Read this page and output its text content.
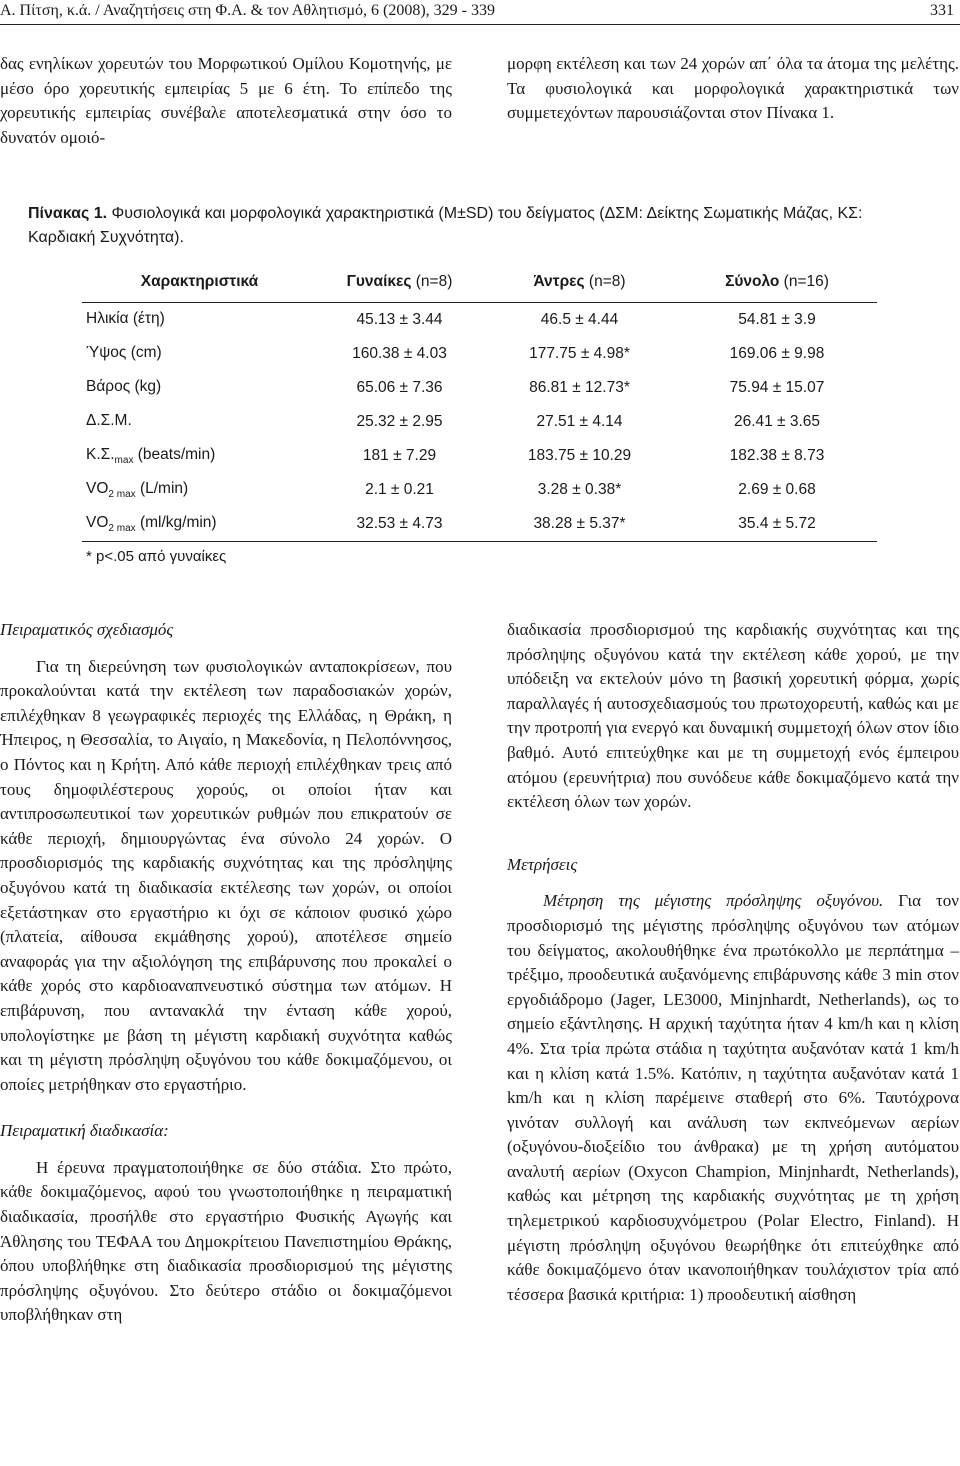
Α. Πίτση, κ.ά. / Αναζητήσεις στη Φ.Α. & τον Αθλητισμό, 6 (2008), 329 - 339	331

δας ενηλίκων χορευτών του Μορφωτικού Ομίλου Κομοτηνής, με μέσο όρο χορευτικής εμπειρίας 5 με 6 έτη. Το επίπεδο της χορευτικής εμπειρίας συνέβαλε αποτελεσματικά στην όσο το δυνατόν ομοιό-

μορφη εκτέλεση και των 24 χορών απ΄ όλα τα άτομα της μελέτης. Τα φυσιολογικά και μορφολογικά χαρακτηριστικά των συμμετεχόντων παρουσιάζονται στον Πίνακα 1.

Πίνακας 1. Φυσιολογικά και μορφολογικά χαρακτηριστικά (M±SD) του δείγματος (ΔΣΜ: Δείκτης Σωματικής Μάζας, ΚΣ: Καρδιακή Συχνότητα).
Χαρακτηριστικά	Γυναίκες (n=8)	Άντρες (n=8)	Σύνολο (n=16)
Ηλικία (έτη)	45.13 ± 3.44	46.5 ± 4.44	54.81 ± 3.9
Ύψος (cm)	160.38 ± 4.03	177.75 ± 4.98*	169.06 ± 9.98
Βάρος (kg)	65.06 ± 7.36	86.81 ± 12.73*	75.94 ± 15.07
Δ.Σ.Μ.	25.32 ± 2.95	27.51 ± 4.14	26.41 ± 3.65
$K.\Sigma._{max}$ (beats/min)	181 ± 7.29	183.75 ± 10.29	182.38 ± 8.73
$VO_{2 max}$ (L/min)	2.1 ± 0.21	3.28 ± 0.38*	2.69 ± 0.68
$VO_{2 max}$ (ml/kg/min)	32.53 ± 4.73	38.28 ± 5.37*	35.4 ± 5.72
* p<.05 από γυναίκες

Πειραματικός σχεδιασμός

Για τη διερεύνηση των φυσιολογικών ανταποκρίσεων, που προκαλούνται κατά την εκτέλεση των παραδοσιακών χορών, επιλέχθηκαν 8 γεωγραφικές περιοχές της Ελλάδας, η Θράκη, η Ήπειρος, η Θεσσαλία, το Αιγαίο, η Μακεδονία, η Πελοπόννησος, ο Πόντος και η Κρήτη. Από κάθε περιοχή επιλέχθηκαν τρεις από τους δημοφιλέστερους χορούς, οι οποίοι ήταν και αντιπροσωπευτικοί των χορευτικών ρυθμών που επικρατούν σε κάθε περιοχή, δημιουργώντας ένα σύνολο 24 χορών. Ο προσδιορισμός της καρδιακής συχνότητας και της πρόσληψης οξυγόνου κατά τη διαδικασία εκτέλεσης των χορών, οι οποίοι εξετάστηκαν στο εργαστήριο κι όχι σε κάποιον φυσικό χώρο (πλατεία, αίθουσα εκμάθησης χορού), αποτέλεσε σημείο αναφοράς για την αξιολόγηση της επιβάρυνσης που προκαλεί ο κάθε χορός στο καρδιοαναπνευστικό σύστημα των ατόμων. Η επιβάρυνση, που αντανακλά την ένταση κάθε χορού, υπολογίστηκε με βάση τη μέγιστη καρδιακή συχνότητα καθώς και τη μέγιστη πρόσληψη οξυγόνου του κάθε δοκιμαζόμενου, οι οποίες μετρήθηκαν στο εργαστήριο.

Πειραματική διαδικασία:

Η έρευνα πραγματοποιήθηκε σε δύο στάδια. Στο πρώτο, κάθε δοκιμαζόμενος, αφού του γνωστοποιήθηκε η πειραματική διαδικασία, προσήλθε στο εργαστήριο Φυσικής Αγωγής και Άθλησης του ΤΕΦΑΑ του Δημοκρίτειου Πανεπιστημίου Θράκης, όπου υποβλήθηκε στη διαδικασία προσδιορισμού της μέγιστης πρόσληψης οξυγόνου. Στο δεύτερο στάδιο οι δοκιμαζόμενοι υποβλήθηκαν στη

διαδικασία προσδιορισμού της καρδιακής συχνότητας και της πρόσληψης οξυγόνου κατά την εκτέλεση κάθε χορού, με την υπόδειξη να εκτελούν μόνο τη βασική χορευτική φόρμα, χωρίς παραλλαγές ή αυτοσχεδιασμούς του πρωτοχορευτή, καθώς και με την προτροπή για ενεργό και δυναμική συμμετοχή όλων στον ίδιο βαθμό. Αυτό επιτεύχθηκε και με τη συμμετοχή ενός έμπειρου ατόμου (ερευνήτρια) που συνόδευε κάθε δοκιμαζόμενο κατά την εκτέλεση όλων των χορών.

Μετρήσεις

Μέτρηση της μέγιστης πρόσληψης οξυγόνου. Για τον προσδιορισμό της μέγιστης πρόσληψης οξυγόνου των ατόμων του δείγματος, ακολουθήθηκε ένα πρωτόκολλο με περπάτημα – τρέξιμο, προοδευτικά αυξανόμενης επιβάρυνσης κάθε 3 min στον εργοδιάδρομο (Jager, LE3000, Minjnhardt, Netherlands), ως το σημείο εξάντλησης. Η αρχική ταχύτητα ήταν 4 km/h και η κλίση 4%. Στα τρία πρώτα στάδια η ταχύτητα αυξανόταν κατά 1 km/h και η κλίση κατά 1.5%. Κατόπιν, η ταχύτητα αυξανόταν κατά 1 km/h και η κλίση παρέμεινε σταθερή στο 6%. Ταυτόχρονα γινόταν συλλογή και ανάλυση των εκπνεόμενων αερίων (οξυγόνου-διοξείδιο του άνθρακα) με τη χρήση αυτόματου αναλυτή αερίων (Oxycon Champion, Minjnhardt, Netherlands), καθώς και μέτρηση της καρδιακής συχνότητας με τη χρήση τηλεμετρικού καρδιοσυχνόμετρου (Polar Electro, Finland). Η μέγιστη πρόσληψη οξυγόνου θεωρήθηκε ότι επιτεύχθηκε από κάθε δοκιμαζόμενο όταν ικανοποιήθηκαν τουλάχιστον τρία από τέσσερα βασικά κριτήρια: 1) προοδευτική αίσθηση
